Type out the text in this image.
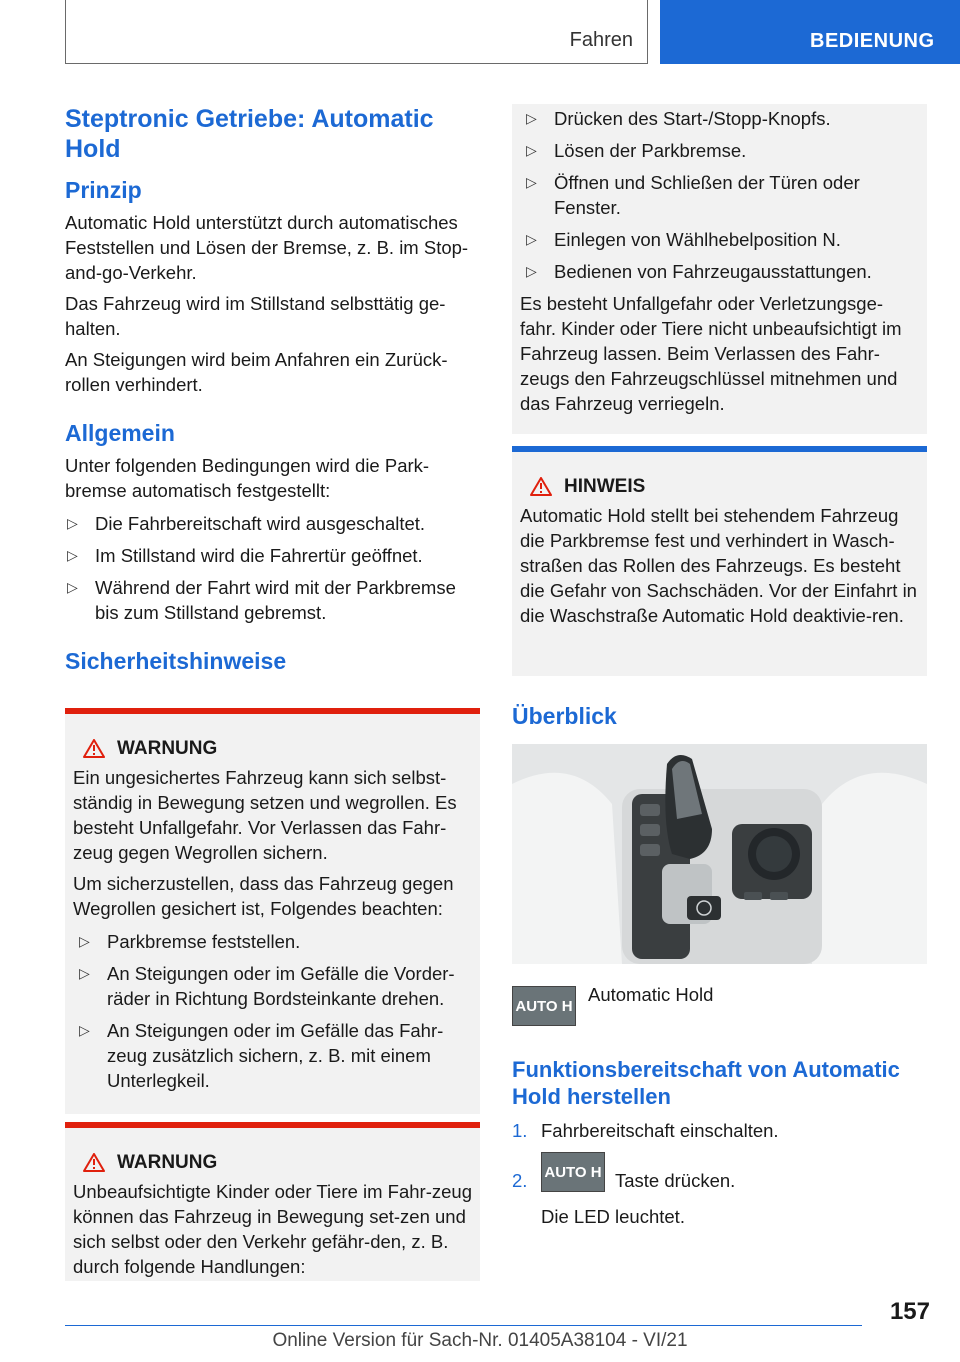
Fahren	BEDIENUNG
Steptronic Getriebe: Automatic Hold
Prinzip

Automatic Hold unterstützt durch automatisches Feststellen und Lösen der Bremse, z. B. im Stop-and-go-Verkehr.

Das Fahrzeug wird im Stillstand selbsttätig ge-halten.

An Steigungen wird beim Anfahren ein Zurück-rollen verhindert.

Allgemein

Unter folgenden Bedingungen wird die Park-bremse automatisch festgestellt:

▷ Die Fahrbereitschaft wird ausgeschaltet.
▷ Im Stillstand wird die Fahrertür geöffnet.
▷ Während der Fahrt wird mit der Parkbremse bis zum Stillstand gebremst.
Sicherheitshinweise
WARNUNG

Ein ungesichertes Fahrzeug kann sich selbst-ständig in Bewegung setzen und wegrollen. Es besteht Unfallgefahr. Vor Verlassen das Fahr-zeug gegen Wegrollen sichern.

Um sicherzustellen, dass das Fahrzeug gegen Wegrollen gesichert ist, Folgendes beachten:

▷ Parkbremse feststellen.
▷ An Steigungen oder im Gefälle die Vorder-räder in Richtung Bordsteinkante drehen.
▷ An Steigungen oder im Gefälle das Fahr-zeug zusätzlich sichern, z. B. mit einem Unterlegkeil.
WARNUNG

Unbeaufsichtigte Kinder oder Tiere im Fahr-zeug können das Fahrzeug in Bewegung set-zen und sich selbst oder den Verkehr gefähr-den, z. B. durch folgende Handlungen:

▷ Drücken des Start-/Stopp-Knopfs.
▷ Lösen der Parkbremse.
▷ Öffnen und Schließen der Türen oder Fenster.
▷ Einlegen von Wählhebelposition N.
▷ Bedienen von Fahrzeugausstattungen.

Es besteht Unfallgefahr oder Verletzungsge-fahr. Kinder oder Tiere nicht unbeaufsichtigt im Fahrzeug lassen. Beim Verlassen des Fahr-zeugs den Fahrzeugschlüssel mitnehmen und das Fahrzeug verriegeln.

HINWEIS

Automatic Hold stellt bei stehendem Fahrzeug die Parkbremse fest und verhindert in Wasch-straßen das Rollen des Fahrzeugs. Es besteht die Gefahr von Sachschäden. Vor der Einfahrt in die Waschstraße Automatic Hold deaktivie-ren.

Überblick
AUTO H

Automatic Hold

Funktionsbereitschaft von Automatic Hold herstellen
1. Fahrbereitschaft einschalten.
2. AUTO H Taste drücken.

Die LED leuchtet.

157
Online Version für Sach-Nr. 01405A38104 - VI/21
